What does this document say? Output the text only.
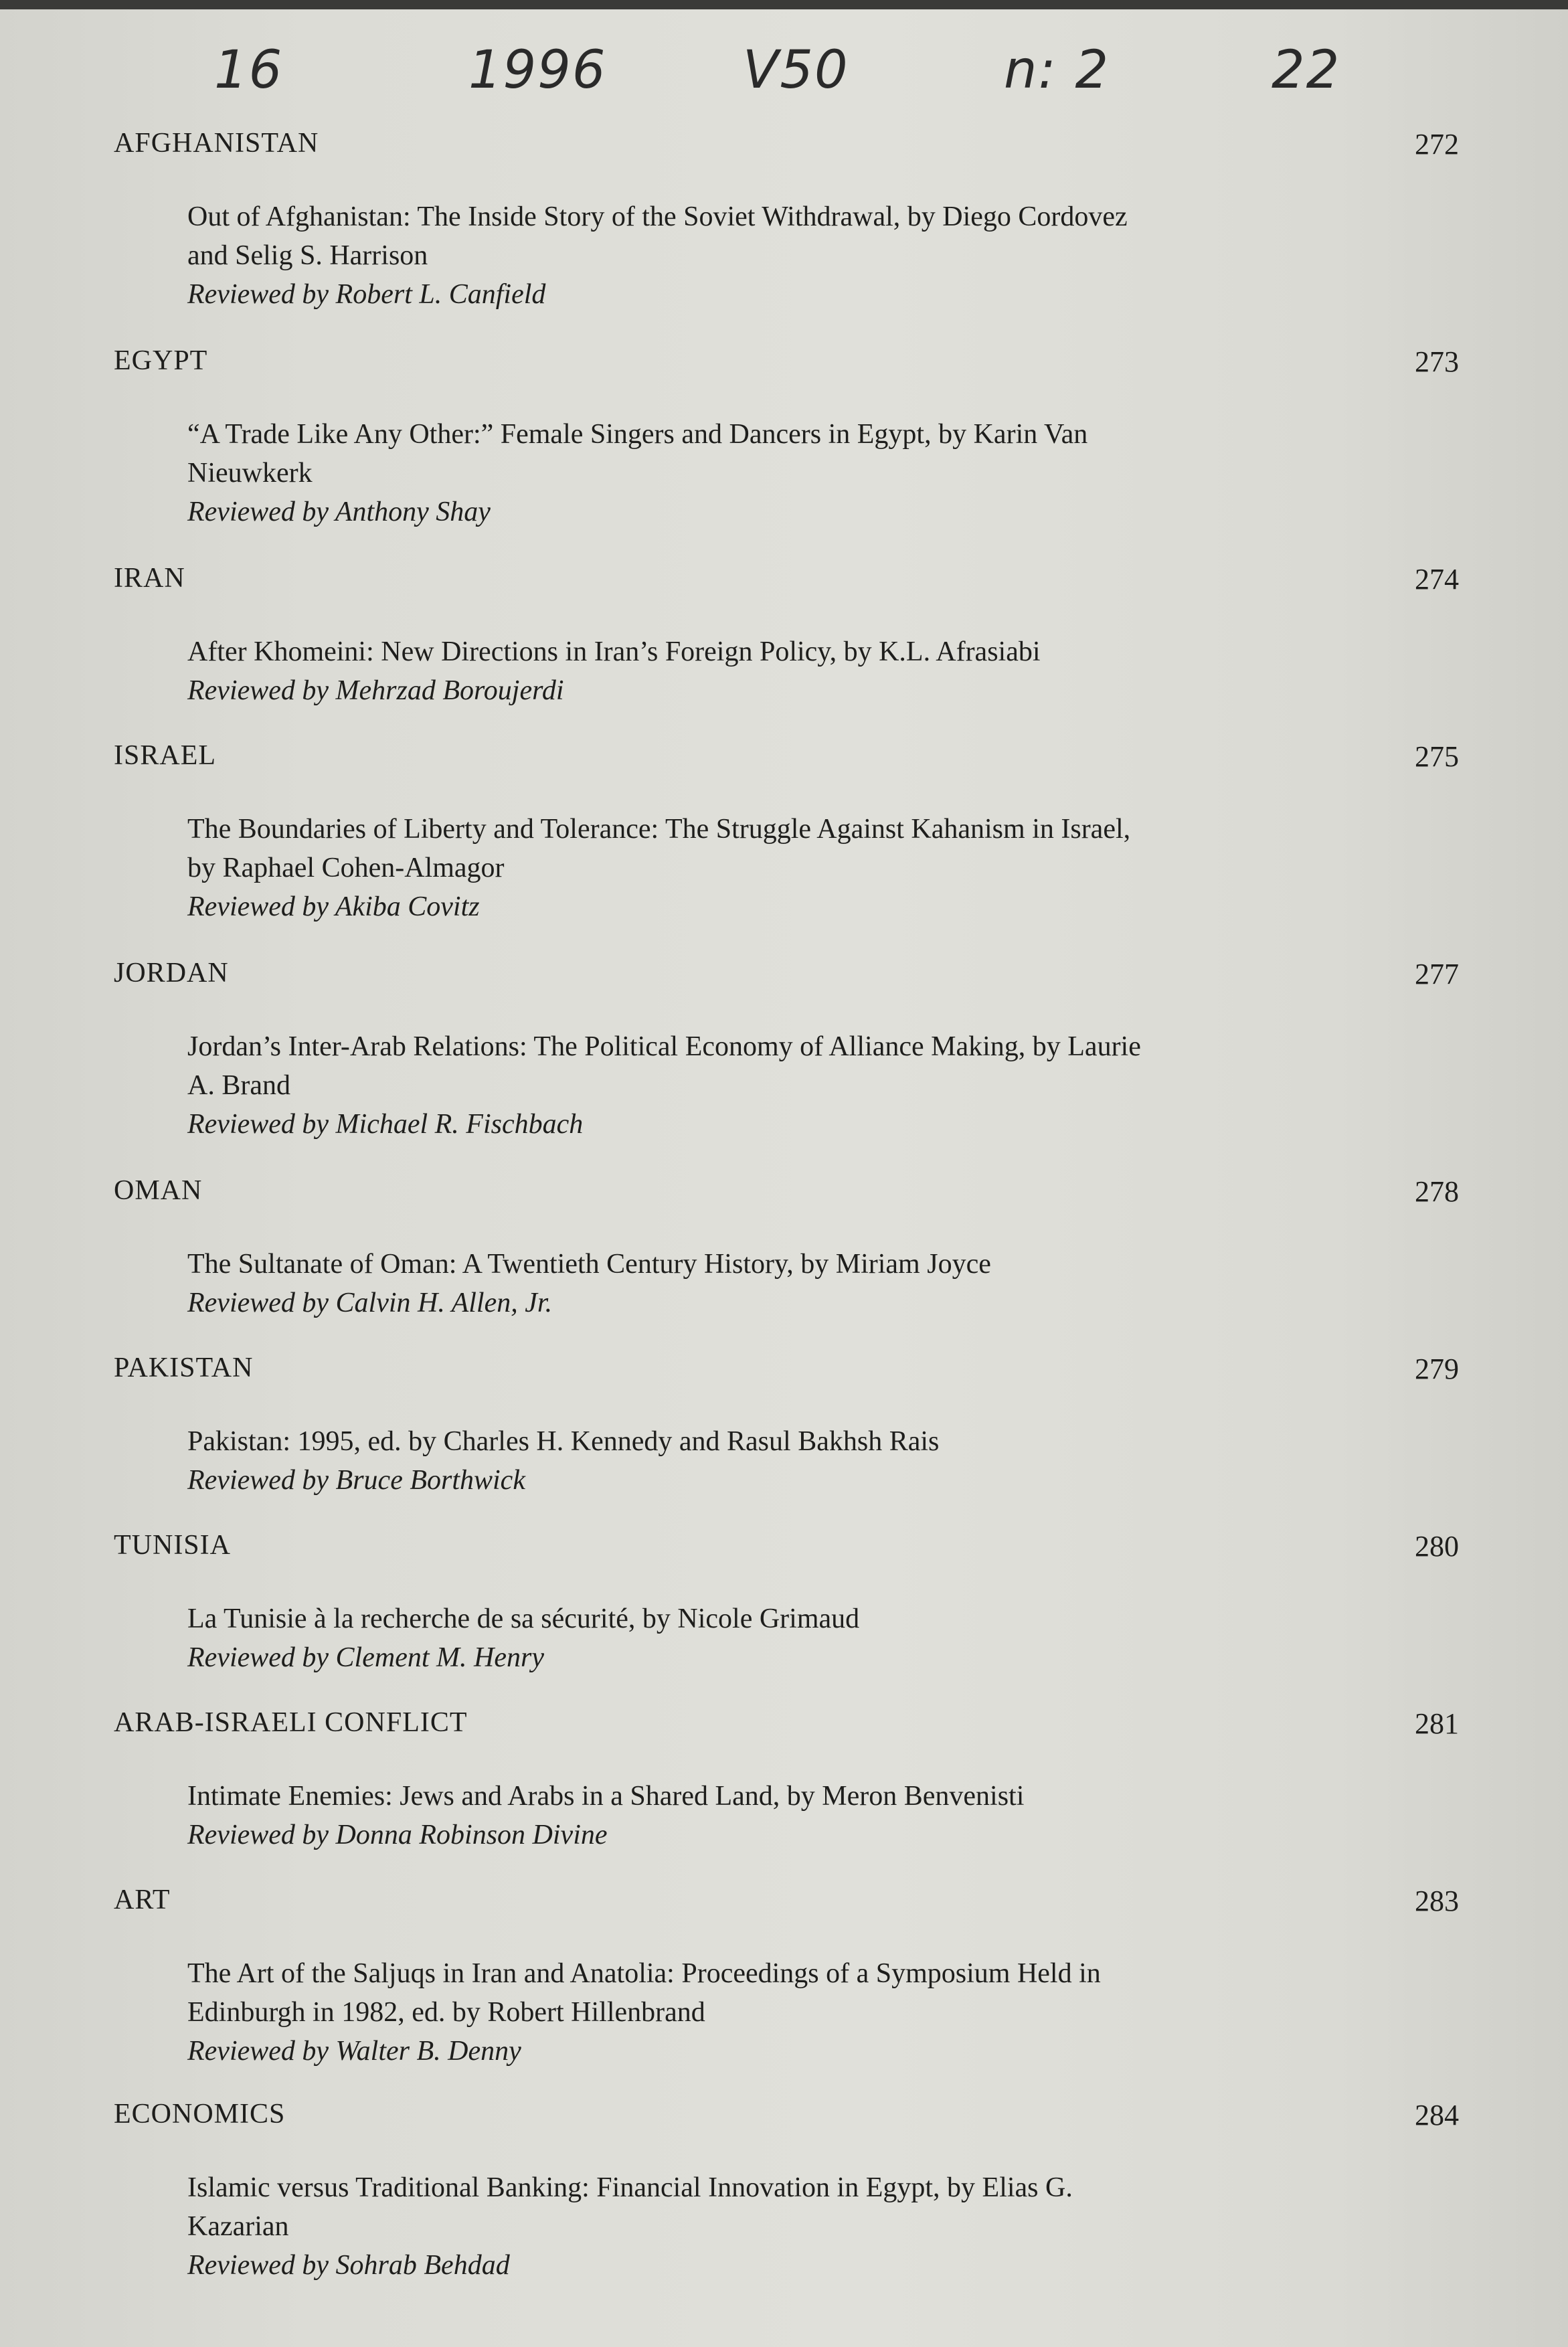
16	1996	V50	n: 2	22
AFGHANISTAN	272
Out of Afghanistan: The Inside Story of the Soviet Withdrawal, by Diego Cordovez
and Selig S. Harrison
Reviewed by Robert L. Canfield
EGYPT	273
“A Trade Like Any Other:” Female Singers and Dancers in Egypt, by Karin Van
Nieuwkerk
Reviewed by Anthony Shay
IRAN	274
After Khomeini: New Directions in Iran’s Foreign Policy, by K.L. Afrasiabi
Reviewed by Mehrzad Boroujerdi
ISRAEL	275
The Boundaries of Liberty and Tolerance: The Struggle Against Kahanism in Israel,
by Raphael Cohen-Almagor
Reviewed by Akiba Covitz
JORDAN	277
Jordan’s Inter-Arab Relations: The Political Economy of Alliance Making, by Laurie
A. Brand
Reviewed by Michael R. Fischbach
OMAN	278
The Sultanate of Oman: A Twentieth Century History, by Miriam Joyce
Reviewed by Calvin H. Allen, Jr.
PAKISTAN	279
Pakistan: 1995, ed. by Charles H. Kennedy and Rasul Bakhsh Rais
Reviewed by Bruce Borthwick
TUNISIA	280
La Tunisie à la recherche de sa sécurité, by Nicole Grimaud
Reviewed by Clement M. Henry
ARAB-ISRAELI CONFLICT	281
Intimate Enemies: Jews and Arabs in a Shared Land, by Meron Benvenisti
Reviewed by Donna Robinson Divine
ART	283
The Art of the Saljuqs in Iran and Anatolia: Proceedings of a Symposium Held in
Edinburgh in 1982, ed. by Robert Hillenbrand
Reviewed by Walter B. Denny
ECONOMICS	284
Islamic versus Traditional Banking: Financial Innovation in Egypt, by Elias G.
Kazarian
Reviewed by Sohrab Behdad
